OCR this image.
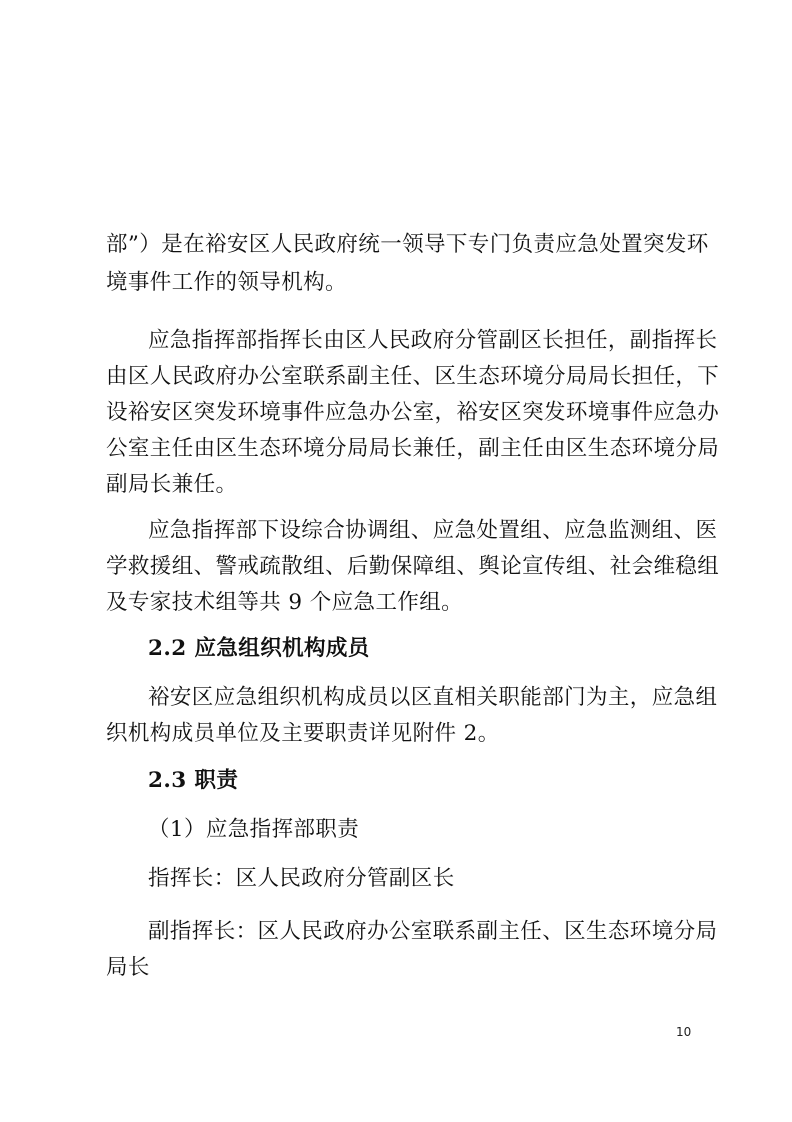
部”）是在裕安区人民政府统一领导下专门负责应急处置突发环
境事件工作的领导机构。
应急指挥部指挥长由区人民政府分管副区长担任，副指挥长
由区人民政府办公室联系副主任、区生态环境分局局长担任，下
设裕安区突发环境事件应急办公室，裕安区突发环境事件应急办
公室主任由区生态环境分局局长兼任，副主任由区生态环境分局
副局长兼任。
应急指挥部下设综合协调组、应急处置组、应急监测组、医
学救援组、警戒疏散组、后勤保障组、舆论宣传组、社会维稳组
及专家技术组等共 9 个应急工作组。
2.2 应急组织机构成员
裕安区应急组织机构成员以区直相关职能部门为主，应急组
织机构成员单位及主要职责详见附件 2。
2.3 职责
（1）应急指挥部职责
指挥长：区人民政府分管副区长
副指挥长：区人民政府办公室联系副主任、区生态环境分局
局长
10
